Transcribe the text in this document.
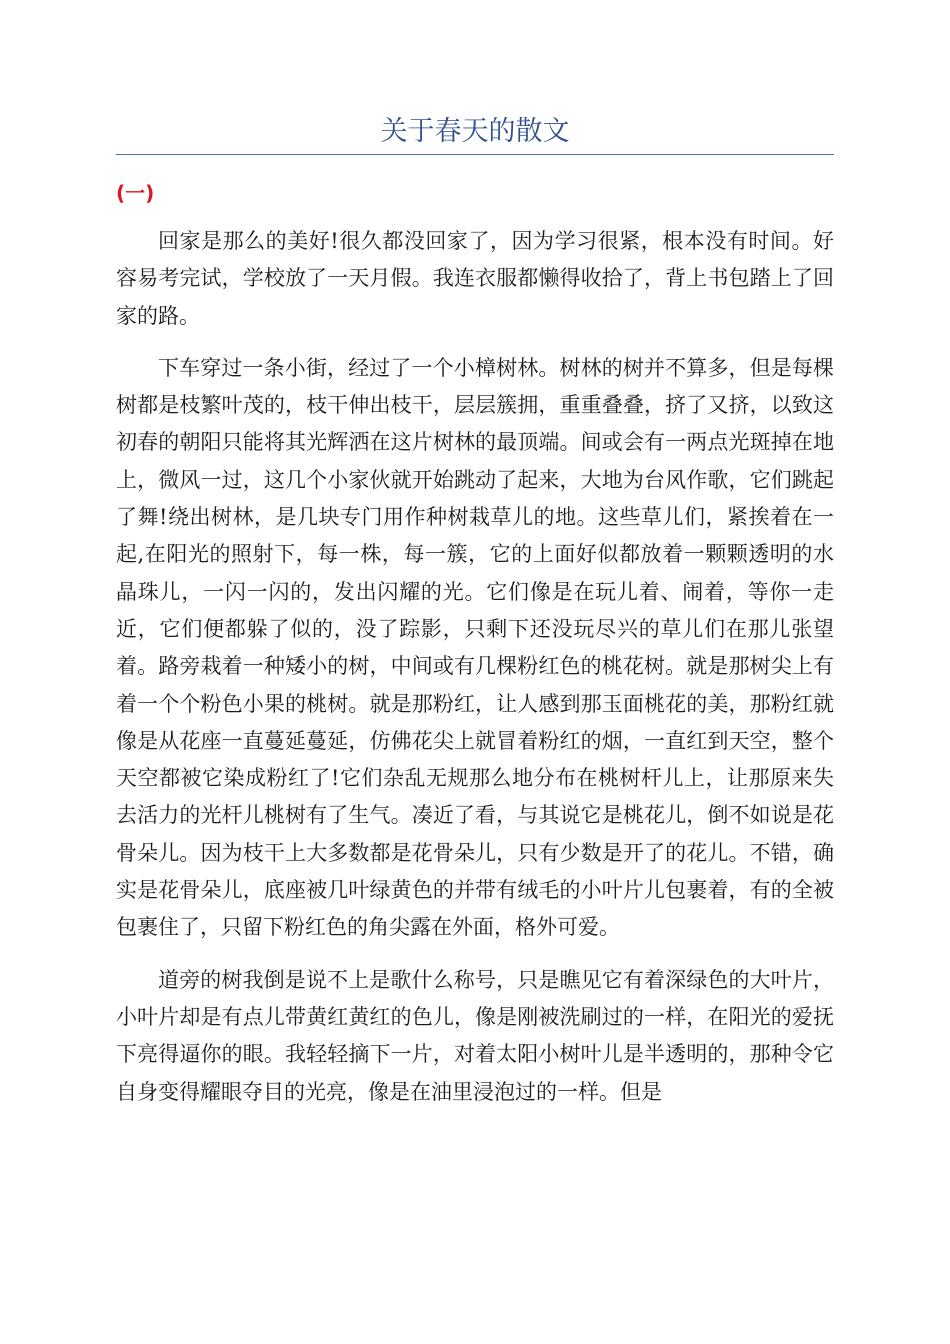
关于春天的散文
(一)

回家是那么的美好!很久都没回家了，因为学习很紧，根本没有时间。好容易考完试，学校放了一天月假。我连衣服都懒得收拾了，背上书包踏上了回家的路。

下车穿过一条小街，经过了一个小樟树林。树林的树并不算多，但是每棵树都是枝繁叶茂的，枝干伸出枝干，层层簇拥，重重叠叠，挤了又挤，以致这初春的朝阳只能将其光辉洒在这片树林的最顶端。间或会有一两点光斑掉在地上，微风一过，这几个小家伙就开始跳动了起来，大地为台风作歌，它们跳起了舞!绕出树林，是几块专门用作种树栽草儿的地。这些草儿们，紧挨着在一起,在阳光的照射下，每一株，每一簇，它的上面好似都放着一颗颗透明的水晶珠儿，一闪一闪的，发出闪耀的光。它们像是在玩儿着、闹着，等你一走近，它们便都躲了似的，没了踪影，只剩下还没玩尽兴的草儿们在那儿张望着。路旁栽着一种矮小的树，中间或有几棵粉红色的桃花树。就是那树尖上有着一个个粉色小果的桃树。就是那粉红，让人感到那玉面桃花的美，那粉红就像是从花座一直蔓延蔓延，仿佛花尖上就冒着粉红的烟，一直红到天空，整个天空都被它染成粉红了!它们杂乱无规那么地分布在桃树杆儿上，让那原来失去活力的光杆儿桃树有了生气。凑近了看，与其说它是桃花儿，倒不如说是花骨朵儿。因为枝干上大多数都是花骨朵儿，只有少数是开了的花儿。不错，确实是花骨朵儿，底座被几叶绿黄色的并带有绒毛的小叶片儿包裹着，有的全被包裹住了，只留下粉红色的角尖露在外面，格外可爱。

道旁的树我倒是说不上是歌什么称号，只是瞧见它有着深绿色的大叶片，小叶片却是有点儿带黄红黄红的色儿，像是刚被洗刷过的一样，在阳光的爱抚下亮得逼你的眼。我轻轻摘下一片，对着太阳小树叶儿是半透明的，那种令它自身变得耀眼夺目的光亮，像是在油里浸泡过的一样。但是
